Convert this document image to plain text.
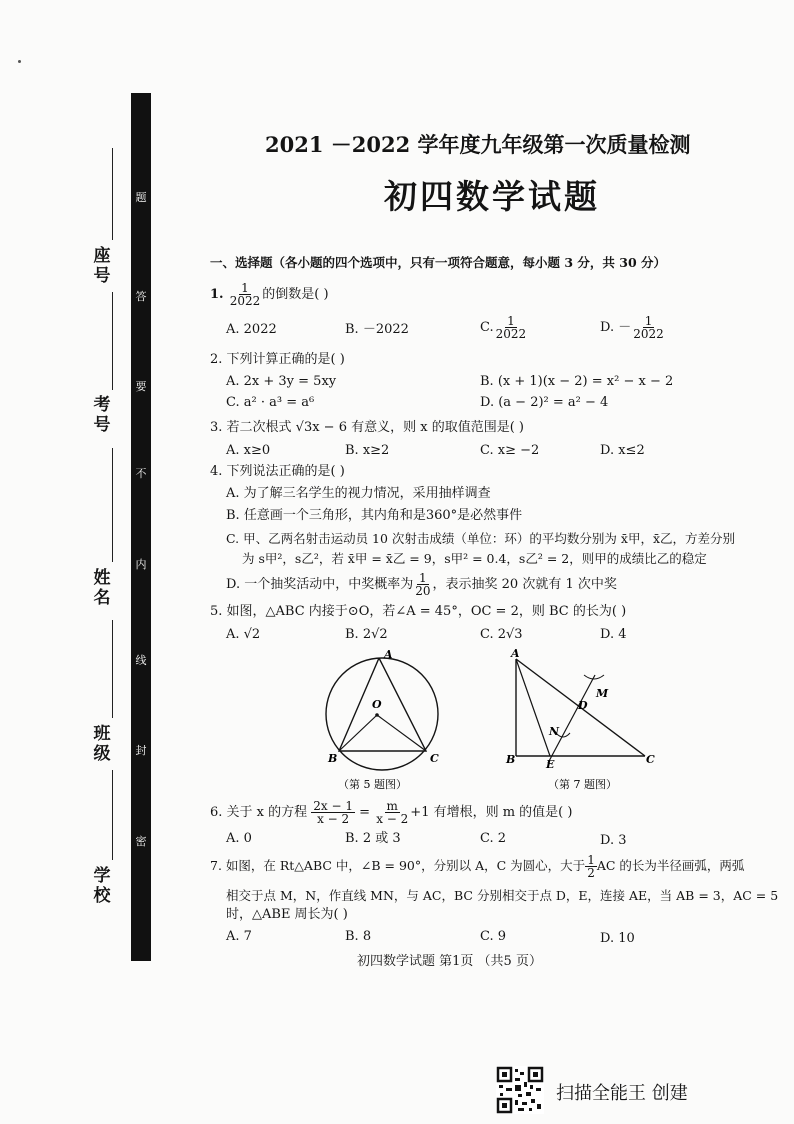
题
答
要
不
内
线
封
密
座号
考号
姓名
班级
学校
2021 －2022 学年度九年级第一次质量检测
初四数学试题
一、选择题（各小题的四个选项中，只有一项符合题意，每小题 3 分，共 30 分）
1. $\frac{1}{2022}$ 的倒数是( )
A. 2022	B. －2022	C. $\frac{1}{2022}$	D. － $\frac{1}{2022}$
2. 下列计算正确的是( )
A. 2x + 3y = 5xy	B. (x + 1)(x − 2) = x² − x − 2
C. a² · a³ = a⁶	D. (a − 2)² = a² − 4
3. 若二次根式 √3x − 6 有意义，则 x 的取值范围是( )
A. x≥0	B. x≥2	C. x≥ −2	D. x≤2
4. 下列说法正确的是( )
A. 为了解三名学生的视力情况，采用抽样调查
B. 任意画一个三角形，其内角和是360°是必然事件
C. 甲、乙两名射击运动员 10 次射击成绩（单位：环）的平均数分别为 x̄甲，x̄乙，方差分别
为 s甲²，s乙²，若 x̄甲 = x̄乙 = 9，s甲² = 0.4，s乙² = 2，则甲的成绩比乙的稳定
D. 一个抽奖活动中，中奖概率为 $\frac{1}{20}$ ，表示抽奖 20 次就有 1 次中奖
5. 如图，△ABC 内接于⊙O，若∠A = 45°，OC = 2，则 BC 的长为( )
A. √2	B. 2√2	C. 2√3	D. 4
A
B	C
O
（第 5 题图）
A
B	C
D
E
M
N
（第 7 题图）
6. 关于 x 的方程 $\frac{2x - 1}{x - 2} = \frac{m}{x - 2} +1$ 有增根，则 m 的值是( )
A. 0	B. 2 或 3	C. 2	D. 3
7. 如图，在 Rt△ABC 中，∠B = 90°，分别以 A，C 为圆心，大于 $\frac{1}{2}$ AC 的长为半径画弧，两弧
相交于点 M，N，作直线 MN，与 AC，BC 分别相交于点 D，E，连接 AE，当 AB = 3，AC = 5
时，△ABE 周长为( )
A. 7	B. 8	C. 9	D. 10
初四数学试题 第1页 （共5 页）
扫描全能王 创建
